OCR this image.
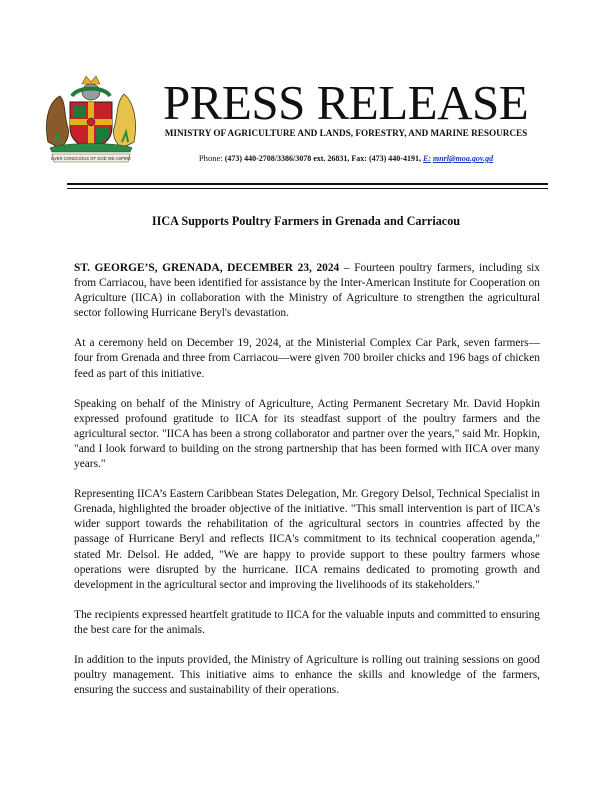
EVER CONSCIOUS OF GOD WE ASPIRE
PRESS RELEASE
MINISTRY OF AGRICULTURE AND LANDS, FORESTRY, AND MARINE RESOURCES
Phone: (473) 440-2708/3386/3078 ext. 26831, Fax: (473) 440-4191, E: mnrl@moa.gov.gd
IICA Supports Poultry Farmers in Grenada and Carriacou

ST. GEORGE’S, GRENADA, DECEMBER 23, 2024 – Fourteen poultry farmers, including six from Carriacou, have been identified for assistance by the Inter-American Institute for Cooperation on Agriculture (IICA) in collaboration with the Ministry of Agriculture to strengthen the agricultural sector following Hurricane Beryl's devastation.

At a ceremony held on December 19, 2024, at the Ministerial Complex Car Park, seven farmers—four from Grenada and three from Carriacou—were given 700 broiler chicks and 196 bags of chicken feed as part of this initiative.

Speaking on behalf of the Ministry of Agriculture, Acting Permanent Secretary Mr. David Hopkin expressed profound gratitude to IICA for its steadfast support of the poultry farmers and the agricultural sector. "IICA has been a strong collaborator and partner over the years," said Mr. Hopkin, "and I look forward to building on the strong partnership that has been formed with IICA over many years."

Representing IICA’s Eastern Caribbean States Delegation, Mr. Gregory Delsol, Technical Specialist in Grenada, highlighted the broader objective of the initiative. "This small intervention is part of IICA's wider support towards the rehabilitation of the agricultural sectors in countries affected by the passage of Hurricane Beryl and reflects IICA's commitment to its technical cooperation agenda," stated Mr. Delsol. He added, "We are happy to provide support to these poultry farmers whose operations were disrupted by the hurricane. IICA remains dedicated to promoting growth and development in the agricultural sector and improving the livelihoods of its stakeholders."

The recipients expressed heartfelt gratitude to IICA for the valuable inputs and committed to ensuring the best care for the animals.

In addition to the inputs provided, the Ministry of Agriculture is rolling out training sessions on good poultry management. This initiative aims to enhance the skills and knowledge of the farmers, ensuring the success and sustainability of their operations.
